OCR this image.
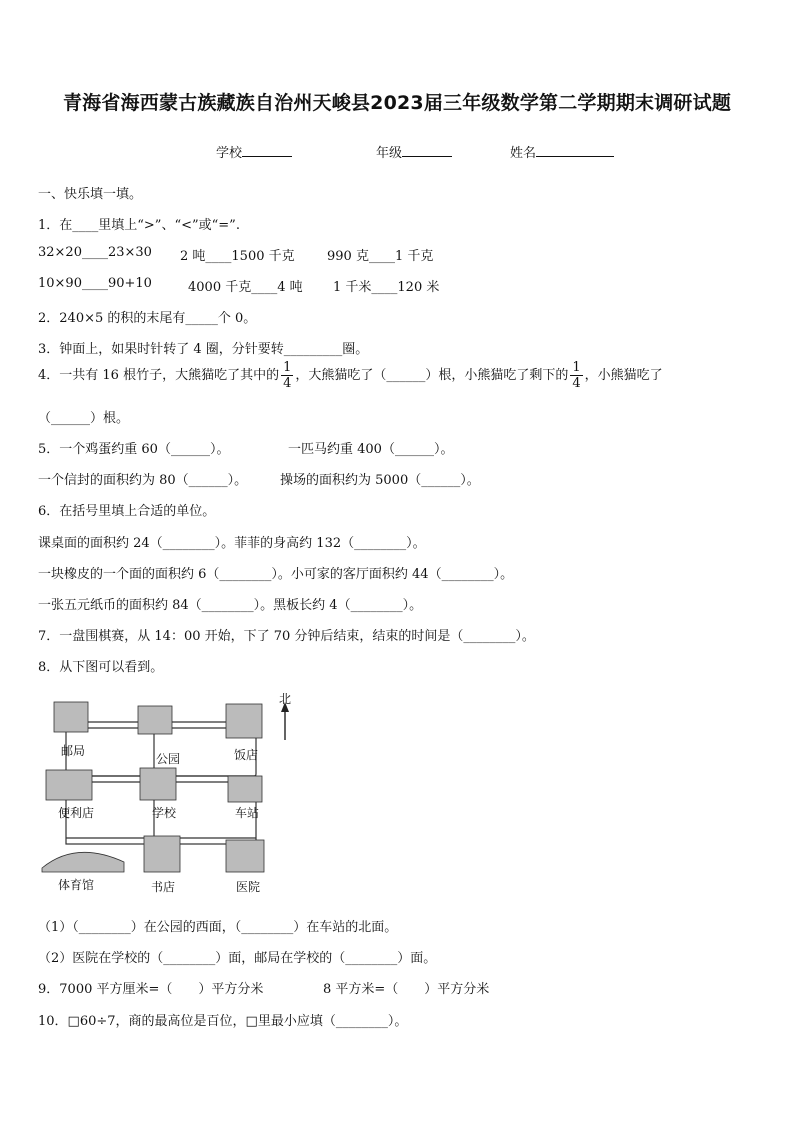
青海省海西蒙古族藏族自治州天峻县2023届三年级数学第二学期期末调研试题
学校	年级	姓名
一、快乐填一填。
1．在____里填上“>”、“<”或“=”.
32×20____23×30 2 吨____1500 千克 990 克____1 千克
10×90____90+10	4000 千克____4 吨 1 千米____120 米
2．240×5 的积的末尾有_____个 0。
3．钟面上，如果时针转了 4 圈，分针要转_________圈。
4．一共有 16 根竹子，大熊猫吃了其中的 $\frac{1}{4}$ ，大熊猫吃了（______）根，小熊猫吃了剩下的 $\frac{1}{4}$ ，小熊猫吃了
（______）根。
5．一个鸡蛋约重 60（______）。	一匹马约重 400（______）。
一个信封的面积约为 80（______）。	操场的面积约为 5000（______）。
6．在括号里填上合适的单位。
课桌面的面积约 24（________）。菲菲的身高约 132（________）。
一块橡皮的一个面的面积约 6（________）。小可家的客厅面积约 44（________）。
一张五元纸币的面积约 84（________）。黑板长约 4（________）。
7．一盘围棋赛，从 14：00 开始，下了 70 分钟后结束，结束的时间是（________）。
8．从下图可以看到。
北
邮局
公园	饭店
便利店	学校	车站
体育馆	书店	医院
（1）（________）在公园的西面，（________）在车站的北面。
（2）医院在学校的（________）面，邮局在学校的（________）面。
9．7000 平方厘米=（　　）平方分米	8 平方米=（　　）平方分米
10．□60÷7，商的最高位是百位，□里最小应填（________）。
